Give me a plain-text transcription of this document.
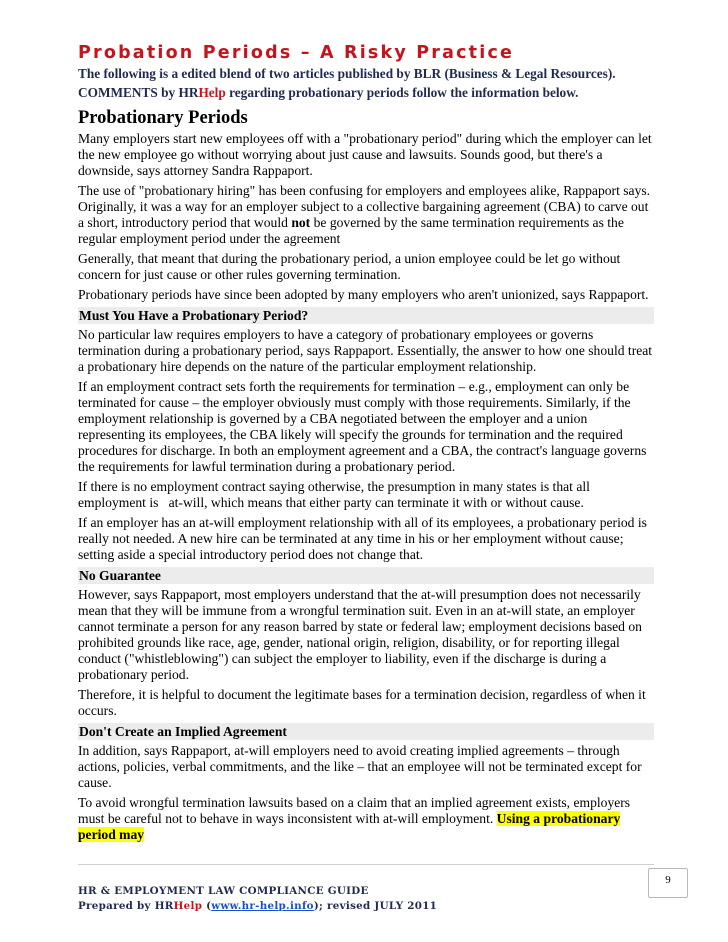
Probation Periods – A Risky Practice
The following is a edited blend of two articles published by BLR (Business & Legal Resources).
COMMENTS by HRHelp regarding probationary periods follow the information below.
Probationary Periods

Many employers start new employees off with a "probationary period" during which the employer can let the new employee go without worrying about just cause and lawsuits. Sounds good, but there's a downside, says attorney Sandra Rappaport.

The use of "probationary hiring" has been confusing for employers and employees alike, Rappaport says. Originally, it was a way for an employer subject to a collective bargaining agreement (CBA) to carve out a short, introductory period that would not be governed by the same termination requirements as the regular employment period under the agreement

Generally, that meant that during the probationary period, a union employee could be let go without concern for just cause or other rules governing termination.

Probationary periods have since been adopted by many employers who aren't unionized, says Rappaport.

Must You Have a Probationary Period?

No particular law requires employers to have a category of probationary employees or governs termination during a probationary period, says Rappaport. Essentially, the answer to how one should treat a probationary hire depends on the nature of the particular employment relationship.

If an employment contract sets forth the requirements for termination – e.g., employment can only be terminated for cause – the employer obviously must comply with those requirements. Similarly, if the employment relationship is governed by a CBA negotiated between the employer and a union representing its employees, the CBA likely will specify the grounds for termination and the required procedures for discharge. In both an employment agreement and a CBA, the contract's language governs the requirements for lawful termination during a probationary period.

If there is no employment contract saying otherwise, the presumption in many states is that all employment is   at-will, which means that either party can terminate it with or without cause.

If an employer has an at-will employment relationship with all of its employees, a probationary period is really not needed. A new hire can be terminated at any time in his or her employment without cause; setting aside a special introductory period does not change that.

No Guarantee

However, says Rappaport, most employers understand that the at-will presumption does not necessarily mean that they will be immune from a wrongful termination suit. Even in an at-will state, an employer cannot terminate a person for any reason barred by state or federal law; employment decisions based on prohibited grounds like race, age, gender, national origin, religion, disability, or for reporting illegal conduct ("whistleblowing") can subject the employer to liability, even if the discharge is during a probationary period.

Therefore, it is helpful to document the legitimate bases for a termination decision, regardless of when it occurs.

Don't Create an Implied Agreement

In addition, says Rappaport, at-will employers need to avoid creating implied agreements – through actions, policies, verbal commitments, and the like – that an employee will not be terminated except for cause.

To avoid wrongful termination lawsuits based on a claim that an implied agreement exists, employers must be careful not to behave in ways inconsistent with at-will employment. Using a probationary period may

9
HR & EMPLOYMENT LAW COMPLIANCE GUIDE
Prepared by HRHelp (www.hr-help.info); revised JULY 2011
